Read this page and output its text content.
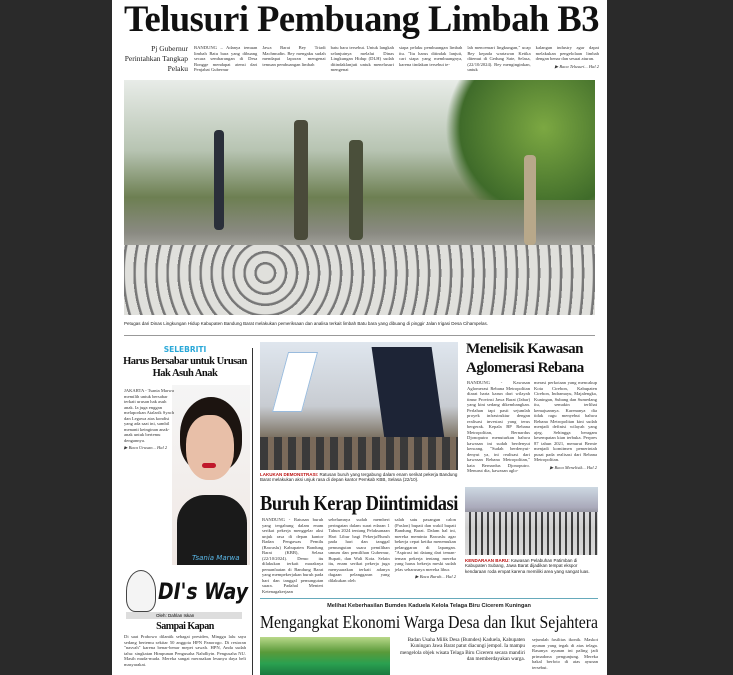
Telusuri Pembuang Limbah B3
Pj Gubernur Perintahkan Tangkap Pelaku
BANDUNG – Adanya temuan limbah Batu bara yang dibuang secara sembarangan di Desa Bongge mendapat atensi dari Penjabat Gubernur
Jawa Barat Bey Triadi Machmudin. Bey mengaku sudah mendapat laporan mengenai temuan pembuangan limbah
batu bara tersebut. Untuk langkah selanjutnya melalui Dinas Lingkungan Hidup (DLH) sudah ditindaklanjuti untuk menelusuri mengenai
siapa pelaku pembuangan limbah itu. "Itu harus ditindak lanjuti, cari siapa yang membuangnya, karena tindakan tersebut te-
lah mencemari lingkungan," ucap Bey kepada wartawan Ketika ditemui di Gedung Sate, Selasa, (22/10/2024). Bey menginginkan, untuk
kalangan industry agar dapat melakukan pengelolaan limbah dengan benar dan sesuai aturan.
▶ Baca Telusuri... Hal 2
Petugas dari Dinas Lingkungan Hidup Kabupaten Bandung Barat melakukan pemeriksaan dan analisa terkait limbah Batu bara yang dibuang di pinggir Jalan Irigasi Desa Cihampelas.
SELEBRITI
Harus Bersabar untuk Urusan Hak Asuh Anak
JAKARTA - Tsania Marwa memilih untuk bersabar terkait urusan hak asuh anak. Ia juga enggan melaporkan Atalarik Syach dan Legawa atas kondisi yang ada saat ini, sambil menanti keinginan anak-anak untuk bertemu dengannya.
▶ Baca Urusan... Hal 2
Tsania Marwa
DI's Way
Oleh: Dahlan Iskan
Sampai Kapan
Di saat Prabowo dilantik sebagai presiden, Minggu lalu saya sedang bertemu sekitar 50 anggota HPN Panorogo. Di restoran "nasvah" karena benar-benar mepet sawah. HPN, Anda sudah tahu: singkatan Himpunan Pengusaha Nahdliyin. Pengusaha NU. Masih muda-muda. Mereka sangat merasakan lesunya daya beli masyarakat.
LAKUKAN DEMONSTRASI: Ratusan buruh yang tergabung dalam enam serikat pekerja Bandung Barat melakukan aksi unjuk rasa di depan kantor Pemkab KBB, Selasa (22/10).
Buruh Kerap Diintimidasi
BANDUNG - Ratusan buruh yang tergabung dalam enam serikat pekerja menggelar aksi unjuk rasa di depan kantor Badan Pengawas Pemilu (Bawaslu) Kabupaten Bandung Barat (KBB), Selasa (22/10/2024). Demo itu dilakukan terkait maraknya pemanfaatan di Bandung Barat yang mempekerjakan buruh pada hari dan tanggal pemungutan suara. Padahal Menteri Ketenagakerjaan
sebelumnya sudah memberi peringatan dalam surat edaran 1 Tahun 2024 tentang Pelaksanaan Hari Libur bagi Pekerja/Buruh pada hari dan tanggal pemungutan suara pemilihan umum dan pemilihan Gubernur, Bupati, dan Wali Kota. Selain itu, enam serikat pekerja juga menyuarakan terkait adanya dugaan pelanggaran yang dilakukan oleh
salah satu pasangan calon (Paslon) bupati dan wakil bupati Bandung Barat. Dalam hal ini, mereka meminta Bawaslu agar bekerja cepat ketika menemukan pelanggaran di lapangan. "Aspirasi ini datang dari teman-teman pekerja tentang mereka yang harus bekerja meski sudah jelas seharusnya mereka libur.
▶ Baca Buruh... Hal 2
Menelisik Kawasan Aglomerasi Rebana
BANDUNG - Kawasan Aglomerasi Rebana Metropolitan diarat harta karun dari wilayah timur Provinsi Jawa Barat (Jabar) yang kini sedang dikembangkan. Perlahan tapi pasti sejumlah proyek infrastruktur dengan realisasi investasi yang terus bergerak. Kepala BP Rebana Metropolitan, Bernardus Djonoputro menuturkan bahwa kawasan ini sudah berdenyut kencang. "Sudah berdenyut-denyut ya, ini realisasi dari kawasan Rebana Metropolitan," kata Bernardus Djonoputro. Menurut dia, kawasan aglo-
merasi perkotaan yang mencakup Kota Cirebon, Kabupaten Cirebon, Indramayu, Majalengka, Kuningan, Subang dan Sumedang itu, semakin terlihat kemajuannya. Karenanya dia tidak ragu menyebut bahwa Rebana Metropolitan kini sudah menjadi definisi wilayah yang ajeg. Sehingga beragam kesempatan kian terbuka. Perpres 87 tahun 2021, menurut Bernie menjadi komitmen pemerintah pusat pada realisasi dari Rebana Metropolitan.
▶ Baca Menelisik... Hal 2
KENDARAAN BARU: Kawasan Pelabuhan Patimban di Kabupaten Subang, Jawa Barat dijadikan tempat ekspor kendaraan roda empat karena memiliki area yang sangat luas.
Melihat Keberhasilan Bumdes Kaduela Kelola Telaga Biru Cicerem Kuningan
Mengangkat Ekonomi Warga Desa dan Ikut Sejahtera
Badan Usaha Milik Desa (Bumdes) Kaduela, Kabupaten Kuningan Jawa Barat patut diacungi jempol. Ia mampu mengelola objek wisata Telaga Biru Cicerem secara mandiri dan memberdayakan warga.
sejumlah fasilitas ikonik. Maskot ayunan yang tegak di atas telaga. Rasanya ayunan ini paling jadi primadona pengunjung. Mereka bakal berfoto di atas ayunan tersebut.
